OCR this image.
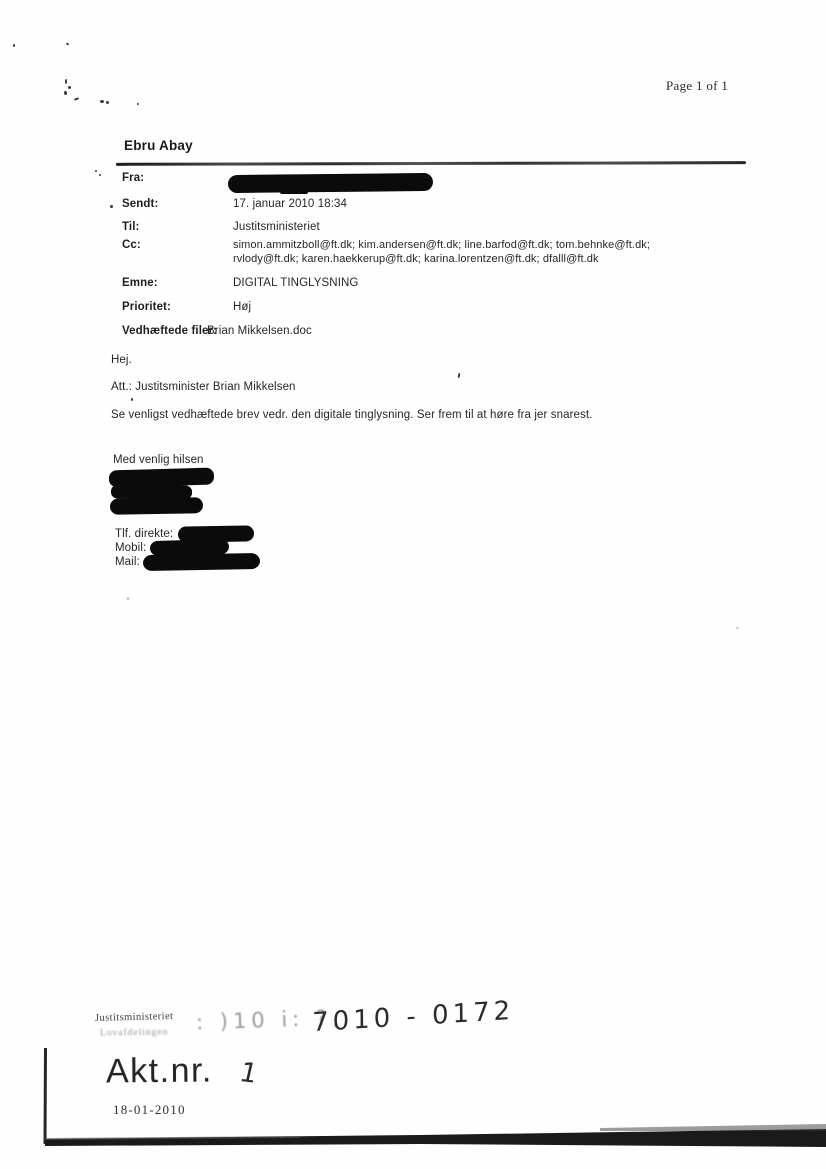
Page 1 of 1
Ebru Abay
Fra:
Sendt:	17. januar 2010 18:34
Til:	Justitsministeriet
Cc:	simon.ammitzboll@ft.dk; kim.andersen@ft.dk; line.barfod@ft.dk; tom.behnke@ft.dk;
rvlody@ft.dk; karen.haekkerup@ft.dk; karina.lorentzen@ft.dk; dfalll@ft.dk
Emne:	DIGITAL TINGLYSNING
Prioritet:	Høj
Vedhæftede filer:
Brian Mikkelsen.doc
Hej.
Att.: Justitsminister Brian Mikkelsen
Se venligst vedhæftede brev vedr. den digitale tinglysning. Ser frem til at høre fra jer snarest.
Med venlig hilsen
Tlf. direkte:
Mobil:
Mail:
Justitsministeriet
Lovafdelingen : )10 i: ?,
7010 - 0172
Akt.nr. 1
18-01-2010
